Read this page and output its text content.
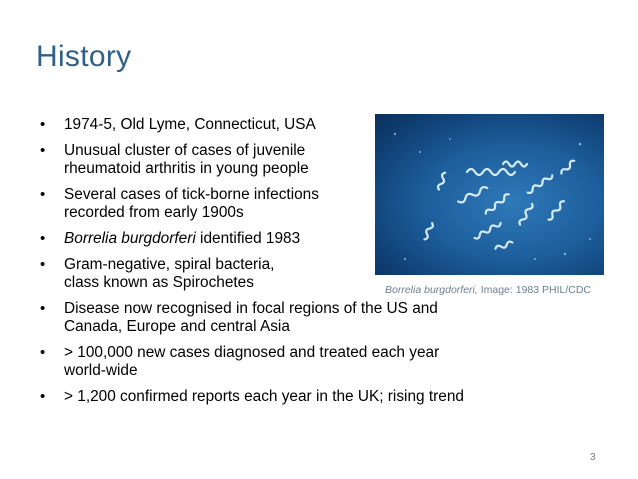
History
• 1974-5, Old Lyme, Connecticut, USA
• Unusual cluster of cases of juvenile
rheumatoid arthritis in young people
• Several cases of tick-borne infections
recorded from early 1900s
• Borrelia burgdorferi identified 1983
• Gram-negative, spiral bacteria,
class known as Spirochetes
• Disease now recognised in focal regions of the US and
Canada, Europe and central Asia
• > 100,000 new cases diagnosed and treated each year
world-wide
• > 1,200 confirmed reports each year in the UK; rising trend
Borrelia burgdorferi, Image: 1983 PHIL/CDC
3
